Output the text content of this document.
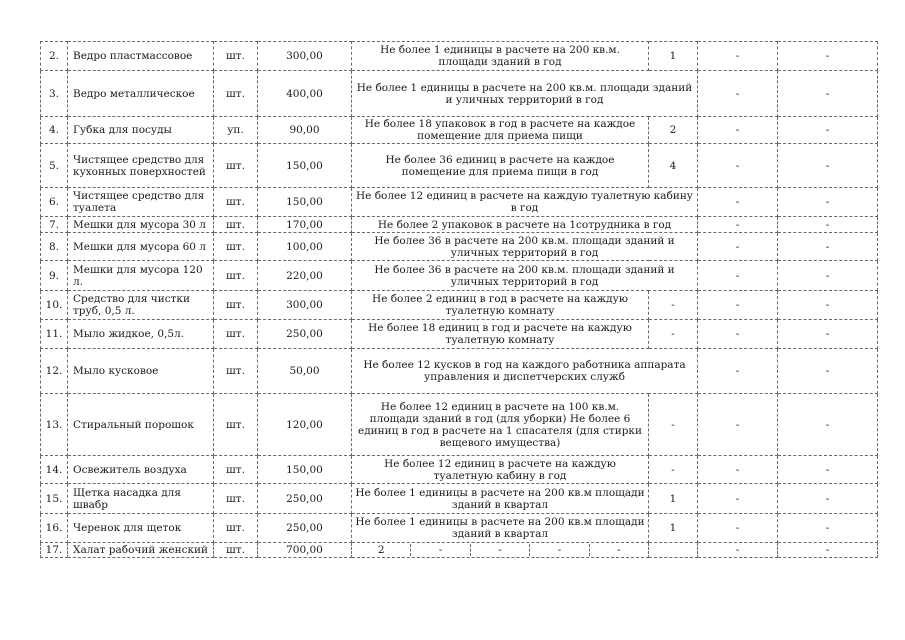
2.	Ведро пластмассовое	шт.	300,00	Не более 1 единицы в расчете на 200 кв.м. площади зданий в год	1	-	-
3.	Ведро металлическое	шт.	400,00	Не более 1 единицы в расчете на 200 кв.м. площади зданий и уличных территорий в год		-	-
4.	Губка для посуды	уп.	90,00	Не более 18 упаковок в год в расчете на каждое помещение для приема пищи	2	-	-
5.	Чистящее средство для кухонных поверхностей	шт.	150,00	Не более 36 единиц в расчете на каждое помещение для приема пищи в год	4	-	-
6.	Чистящее средство для туалета	шт.	150,00	Не более 12 единиц в расчете на каждую туалетную кабину в год		-	-
7.	Мешки для мусора 30 л	шт.	170,00	Не более 2 упаковок в расчете на 1сотрудника в год		-	-
8.	Мешки для мусора 60 л	шт.	100,00	Не более 36 в расчете на 200 кв.м. площади зданий и уличных территорий в год		-	-
9.	Мешки для мусора 120 л.	шт.	220,00	Не более 36 в расчете на 200 кв.м. площади зданий и уличных территорий в год		-	-
10.	Средство для чистки труб, 0,5 л.	шт.	300,00	Не более 2 единиц в год в расчете на каждую туалетную комнату	-	-	-
11.	Мыло жидкое, 0,5л.	шт.	250,00	Не более 18 единиц в год и расчете на каждую туалетную комнату	-	-	-
12.	Мыло кусковое	шт.	50,00	Не более 12 кусков в год на каждого работника аппарата управления и диспетчерских служб		-	-
13.	Стиральный порошок	шт.	120,00	Не более 12 единиц в расчете на 100 кв.м. площади зданий в год (для уборки) Не более 6 единиц в год в расчете на 1 спасателя (для стирки вещевого имущества)	-	-	-
14.	Освежитель воздуха	шт.	150,00	Не более 12 единиц в расчете на каждую туалетную кабину в год	-	-	-
15.	Щетка насадка для швабр	шт.	250,00	Не более 1 единицы в расчете на 200 кв.м площади зданий в квартал	1	-	-
16.	Черенок для щеток	шт.	250,00	Не более 1 единицы в расчете на 200 кв.м площади зданий в квартал	1	-	-
17.	Халат рабочий женский	шт.	700,00	2 - - - -		-	-
